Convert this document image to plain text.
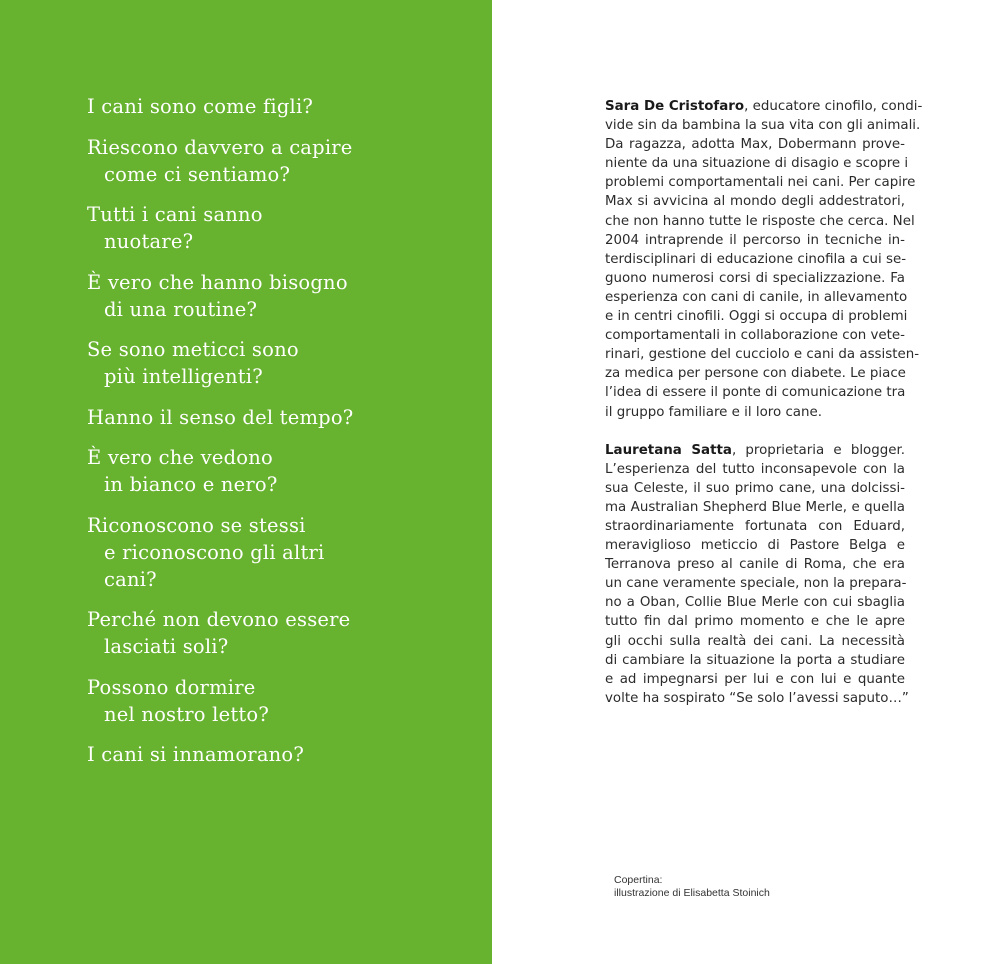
I cani sono come figli?
Riescono davvero a capire
come ci sentiamo?
Tutti i cani sanno
nuotare?
È vero che hanno bisogno
di una routine?
Se sono meticci sono
più intelligenti?
Hanno il senso del tempo?
È vero che vedono
in bianco e nero?
Riconoscono se stessi
e riconoscono gli altri
cani?
Perché non devono essere
lasciati soli?
Possono dormire
nel nostro letto?
I cani si innamorano?

Sara De Cristofaro, educatore cinofilo, condi-
vide sin da bambina la sua vita con gli animali.
Da ragazza, adotta Max, Dobermann prove-
niente da una situazione di disagio e scopre i
problemi comportamentali nei cani. Per capire
Max si avvicina al mondo degli addestratori,
che non hanno tutte le risposte che cerca. Nel
2004 intraprende il percorso in tecniche in-
terdisciplinari di educazione cinofila a cui se-
guono numerosi corsi di specializzazione. Fa
esperienza con cani di canile, in allevamento
e in centri cinofili. Oggi si occupa di problemi
comportamentali in collaborazione con vete-
rinari, gestione del cucciolo e cani da assisten-
za medica per persone con diabete. Le piace
l’idea di essere il ponte di comunicazione tra
il gruppo familiare e il loro cane.

Lauretana Satta, proprietaria e blogger.
L’esperienza del tutto inconsapevole con la
sua Celeste, il suo primo cane, una dolcissi-
ma Australian Shepherd Blue Merle, e quella
straordinariamente fortunata con Eduard,
meraviglioso meticcio di Pastore Belga e
Terranova preso al canile di Roma, che era
un cane veramente speciale, non la prepara-
no a Oban, Collie Blue Merle con cui sbaglia
tutto fin dal primo momento e che le apre
gli occhi sulla realtà dei cani. La necessità
di cambiare la situazione la porta a studiare
e ad impegnarsi per lui e con lui e quante
volte ha sospirato “Se solo l’avessi saputo…”

Copertina:
illustrazione di Elisabetta Stoinich
